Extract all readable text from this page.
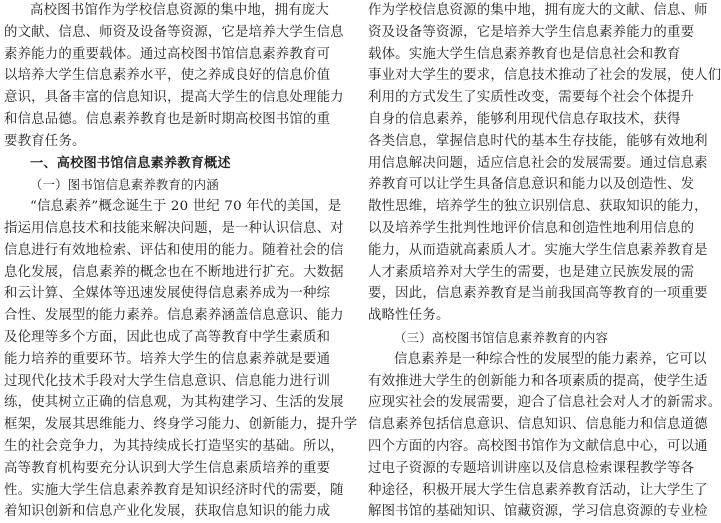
高校图书馆作为学校信息资源的集中地，拥有庞大
的文献、信息、师资及设备等资源，它是培养大学生信息
素养能力的重要载体。通过高校图书馆信息素养教育可
以培养大学生信息素养水平，使之养成良好的信息价值
意识，具备丰富的信息知识，提高大学生的信息处理能力
和信息品德。信息素养教育也是新时期高校图书馆的重
要教育任务。
一、高校图书馆信息素养教育概述
（一）图书馆信息素养教育的内涵
“信息素养”概念诞生于 20 世纪 70 年代的美国，是
指运用信息技术和技能来解决问题，是一种认识信息、对
信息进行有效地检索、评估和使用的能力。随着社会的信
息化发展，信息素养的概念也在不断地进行扩充。大数据
和云计算、全媒体等迅速发展使得信息素养成为一种综
合性、发展型的能力素养。信息素养涵盖信息意识、能力
及伦理等多个方面，因此也成了高等教育中学生素质和
能力培养的重要环节。培养大学生的信息素养就是要通
过现代化技术手段对大学生信息意识、信息能力进行训
练，使其树立正确的信息观，为其构建学习、生活的发展
框架，发展其思维能力、终身学习能力、创新能力，提升学
生的社会竞争力，为其持续成长打造坚实的基础。所以，
高等教育机构要充分认识到大学生信息素质培养的重要
性。实施大学生信息素养教育是知识经济时代的需要，随
着知识创新和信息产业化发展，获取信息知识的能力成
作为学校信息资源的集中地，拥有庞大的文献、信息、师
资及设备等资源，它是培养大学生信息素养能力的重要
载体。实施大学生信息素养教育也是信息社会和教育
事业对大学生的要求，信息技术推动了社会的发展，使人们
利用的方式发生了实质性改变，需要每个社会个体提升
自身的信息素养，能够利用现代信息存取技术，获得
各类信息，掌握信息时代的基本生存技能，能够有效地利
用信息解决问题，适应信息社会的发展需要。通过信息素
养教育可以让学生具备信息意识和能力以及创造性、发
散性思维，培养学生的独立识别信息、获取知识的能力，
以及培养学生批判性地评价信息和创造性地利用信息的
能力，从而造就高素质人才。实施大学生信息素养教育是
人才素质培养对大学生的需要，也是建立民族发展的需
要，因此，信息素养教育是当前我国高等教育的一项重要
战略性任务。
（三）高校图书馆信息素养教育的内容
信息素养是一种综合性的发展型的能力素养，它可以
有效推进大学生的创新能力和各项素质的提高，使学生适
应现实社会的发展需要，迎合了信息社会对人才的新需求。
信息素养包括信息意识、信息知识、信息能力和信息道德
四个方面的内容。高校图书馆作为文献信息中心，可以通
过电子资源的专题培训讲座以及信息检索课程教学等各
种途径，积极开展大学生信息素养教育活动，让大学生了
解图书馆的基础知识、馆藏资源，学习信息资源的专业检
